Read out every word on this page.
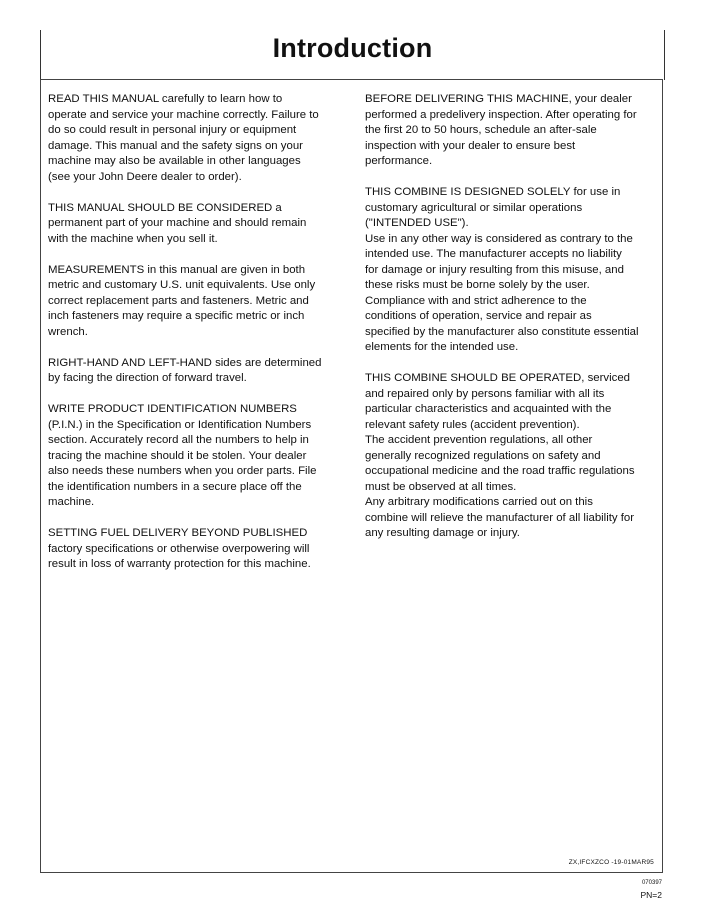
Introduction

READ THIS MANUAL carefully to learn how to
operate and service your machine correctly. Failure to
do so could result in personal injury or equipment
damage. This manual and the safety signs on your
machine may also be available in other languages
(see your John Deere dealer to order).

THIS MANUAL SHOULD BE CONSIDERED a
permanent part of your machine and should remain
with the machine when you sell it.

MEASUREMENTS in this manual are given in both
metric and customary U.S. unit equivalents. Use only
correct replacement parts and fasteners. Metric and
inch fasteners may require a specific metric or inch
wrench.

RIGHT-HAND AND LEFT-HAND sides are determined
by facing the direction of forward travel.

WRITE PRODUCT IDENTIFICATION NUMBERS
(P.I.N.) in the Specification or Identification Numbers
section. Accurately record all the numbers to help in
tracing the machine should it be stolen. Your dealer
also needs these numbers when you order parts. File
the identification numbers in a secure place off the
machine.

SETTING FUEL DELIVERY BEYOND PUBLISHED
factory specifications or otherwise overpowering will
result in loss of warranty protection for this machine.

BEFORE DELIVERING THIS MACHINE, your dealer
performed a predelivery inspection. After operating for
the first 20 to 50 hours, schedule an after-sale
inspection with your dealer to ensure best
performance.

THIS COMBINE IS DESIGNED SOLELY for use in
customary agricultural or similar operations
("INTENDED USE").
Use in any other way is considered as contrary to the
intended use. The manufacturer accepts no liability
for damage or injury resulting from this misuse, and
these risks must be borne solely by the user.
Compliance with and strict adherence to the
conditions of operation, service and repair as
specified by the manufacturer also constitute essential
elements for the intended use.

THIS COMBINE SHOULD BE OPERATED, serviced
and repaired only by persons familiar with all its
particular characteristics and acquainted with the
relevant safety rules (accident prevention).
The accident prevention regulations, all other
generally recognized regulations on safety and
occupational medicine and the road traffic regulations
must be observed at all times.
Any arbitrary modifications carried out on this
combine will relieve the manufacturer of all liability for
any resulting damage or injury.

ZX,IFCXZCO -19-01MAR95
070397
PN=2
